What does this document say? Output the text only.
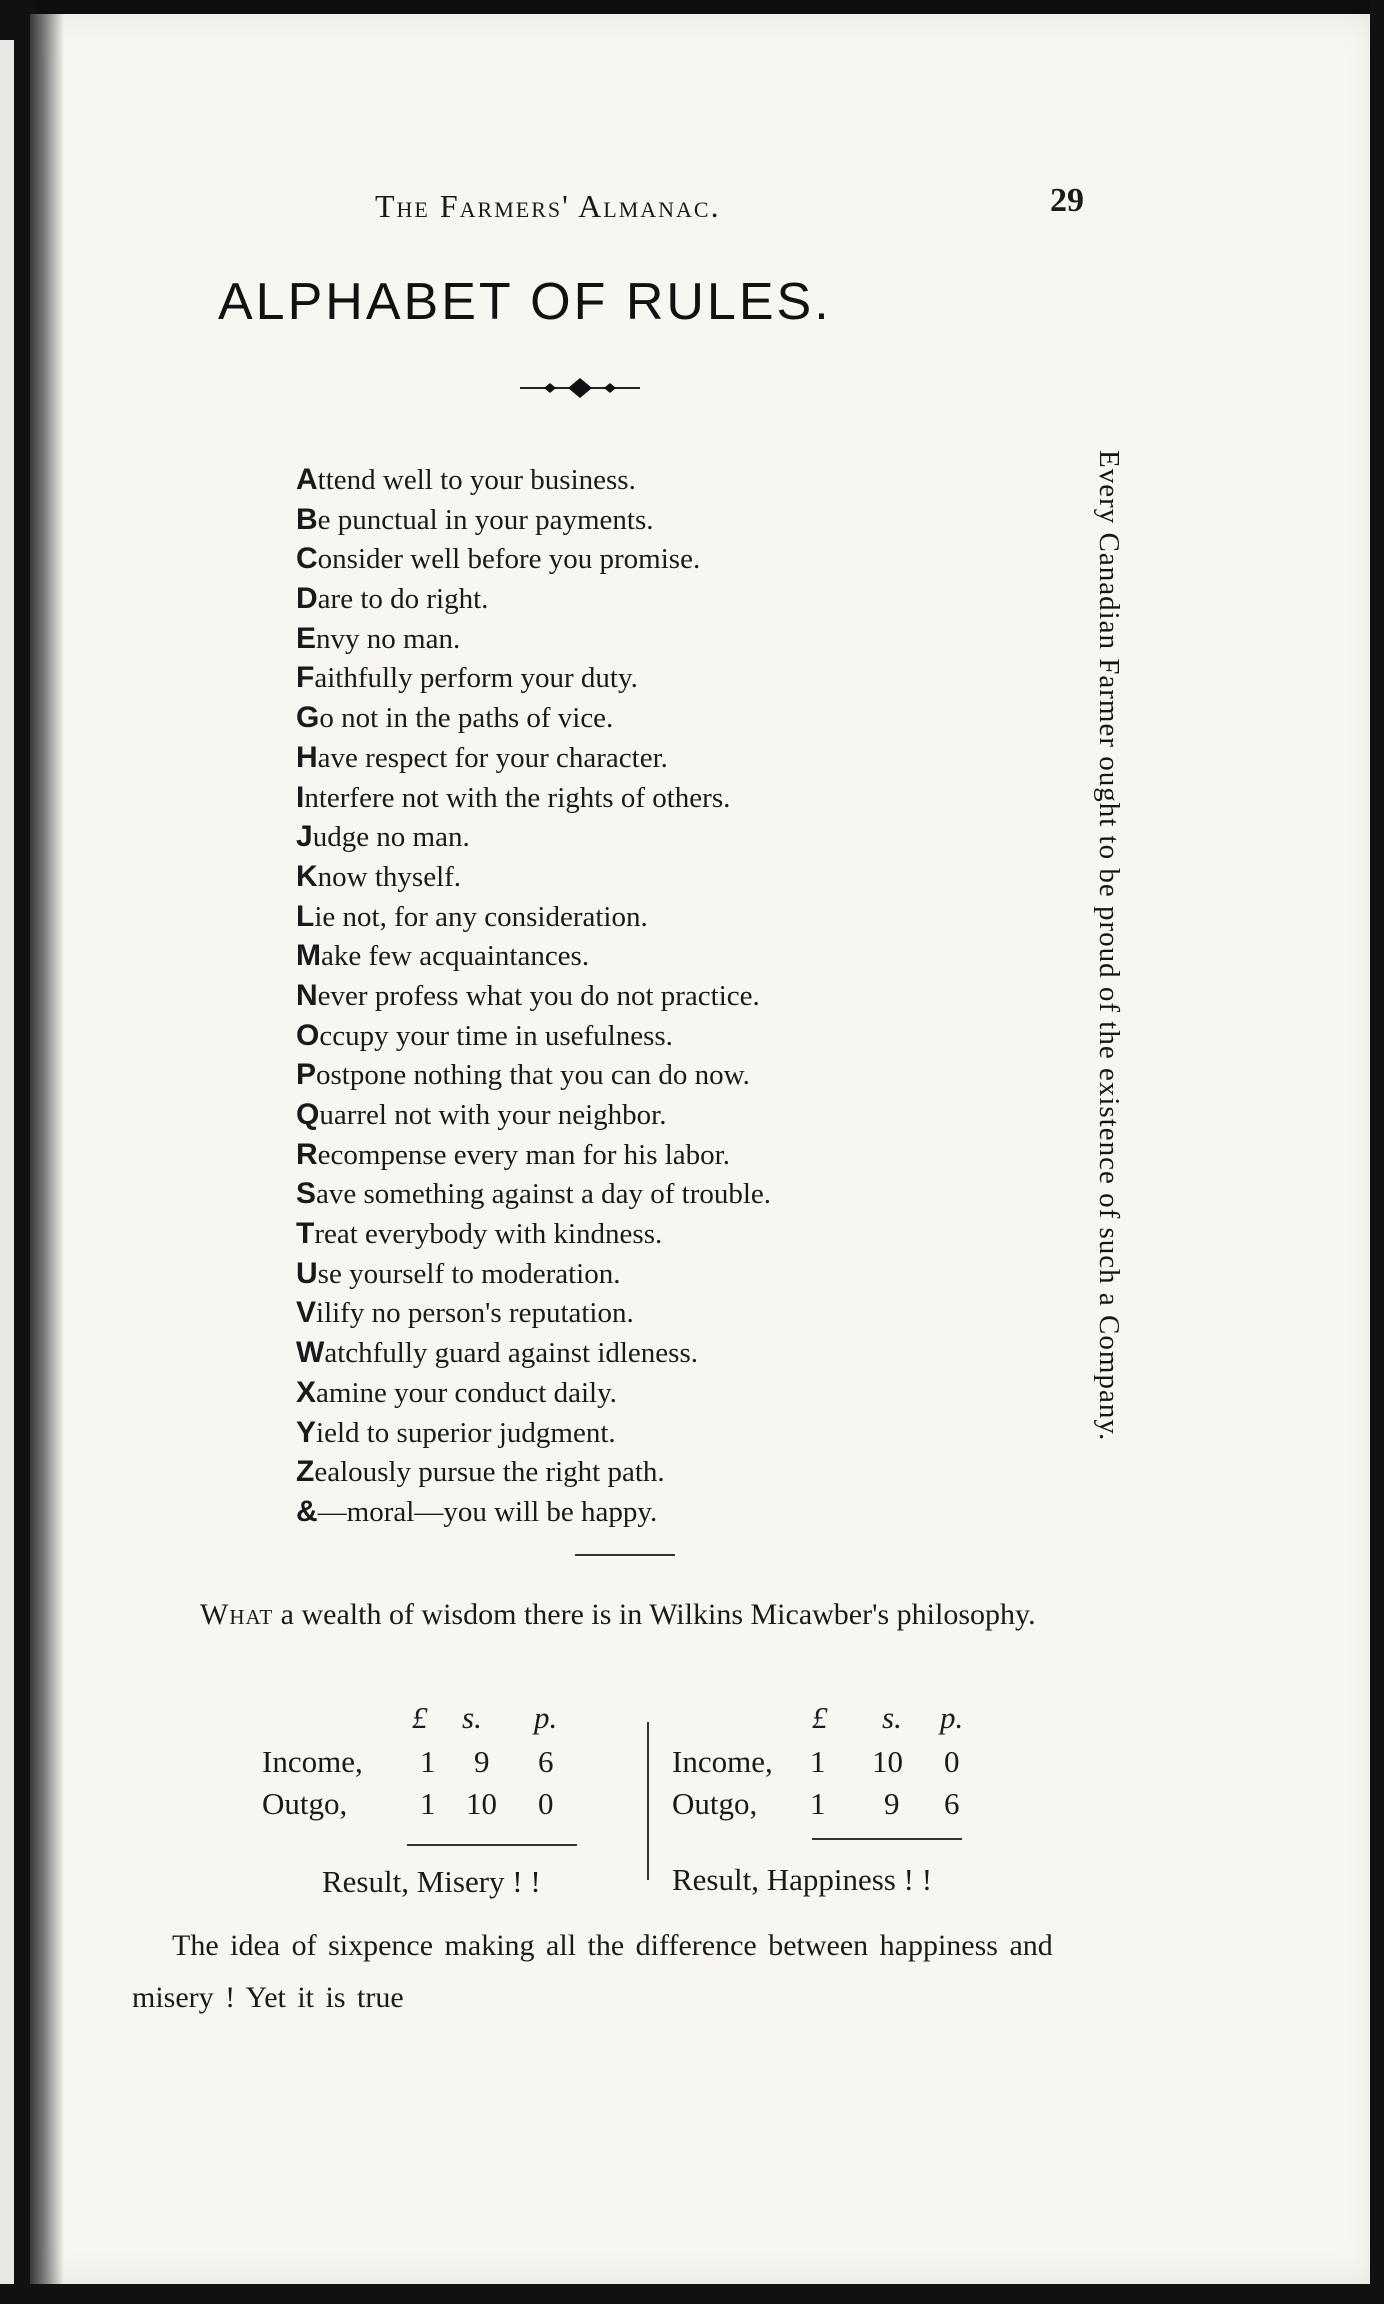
The Farmers' Almanac.	29
ALPHABET OF RULES.
Attend well to your business.
Be punctual in your payments.
Consider well before you promise.
Dare to do right.
Envy no man.
Faithfully perform your duty.
Go not in the paths of vice.
Have respect for your character.
Interfere not with the rights of others.
Judge no man.
Know thyself.
Lie not, for any consideration.
Make few acquaintances.
Never profess what you do not practice.
Occupy your time in usefulness.
Postpone nothing that you can do now.
Quarrel not with your neighbor.
Recompense every man for his labor.
Save something against a day of trouble.
Treat everybody with kindness.
Use yourself to moderation.
Vilify no person's reputation.
Watchfully guard against idleness.
Xamine your conduct daily.
Yield to superior judgment.
Zealously pursue the right path.
&—moral—you will be happy.
Every Canadian Farmer ought to be proud of the existence of such a Company.
What a wealth of wisdom there is in Wilkins Micawber's philosophy.
£ s. p.
Income, 1 9 6
Outgo, 1 10 0
Result, Misery ! !
£ s. p.
Income, 1 10 0
Outgo, 1 9 6
Result, Happiness ! !
The idea of sixpence making all the difference between happiness and misery ! Yet it is true
